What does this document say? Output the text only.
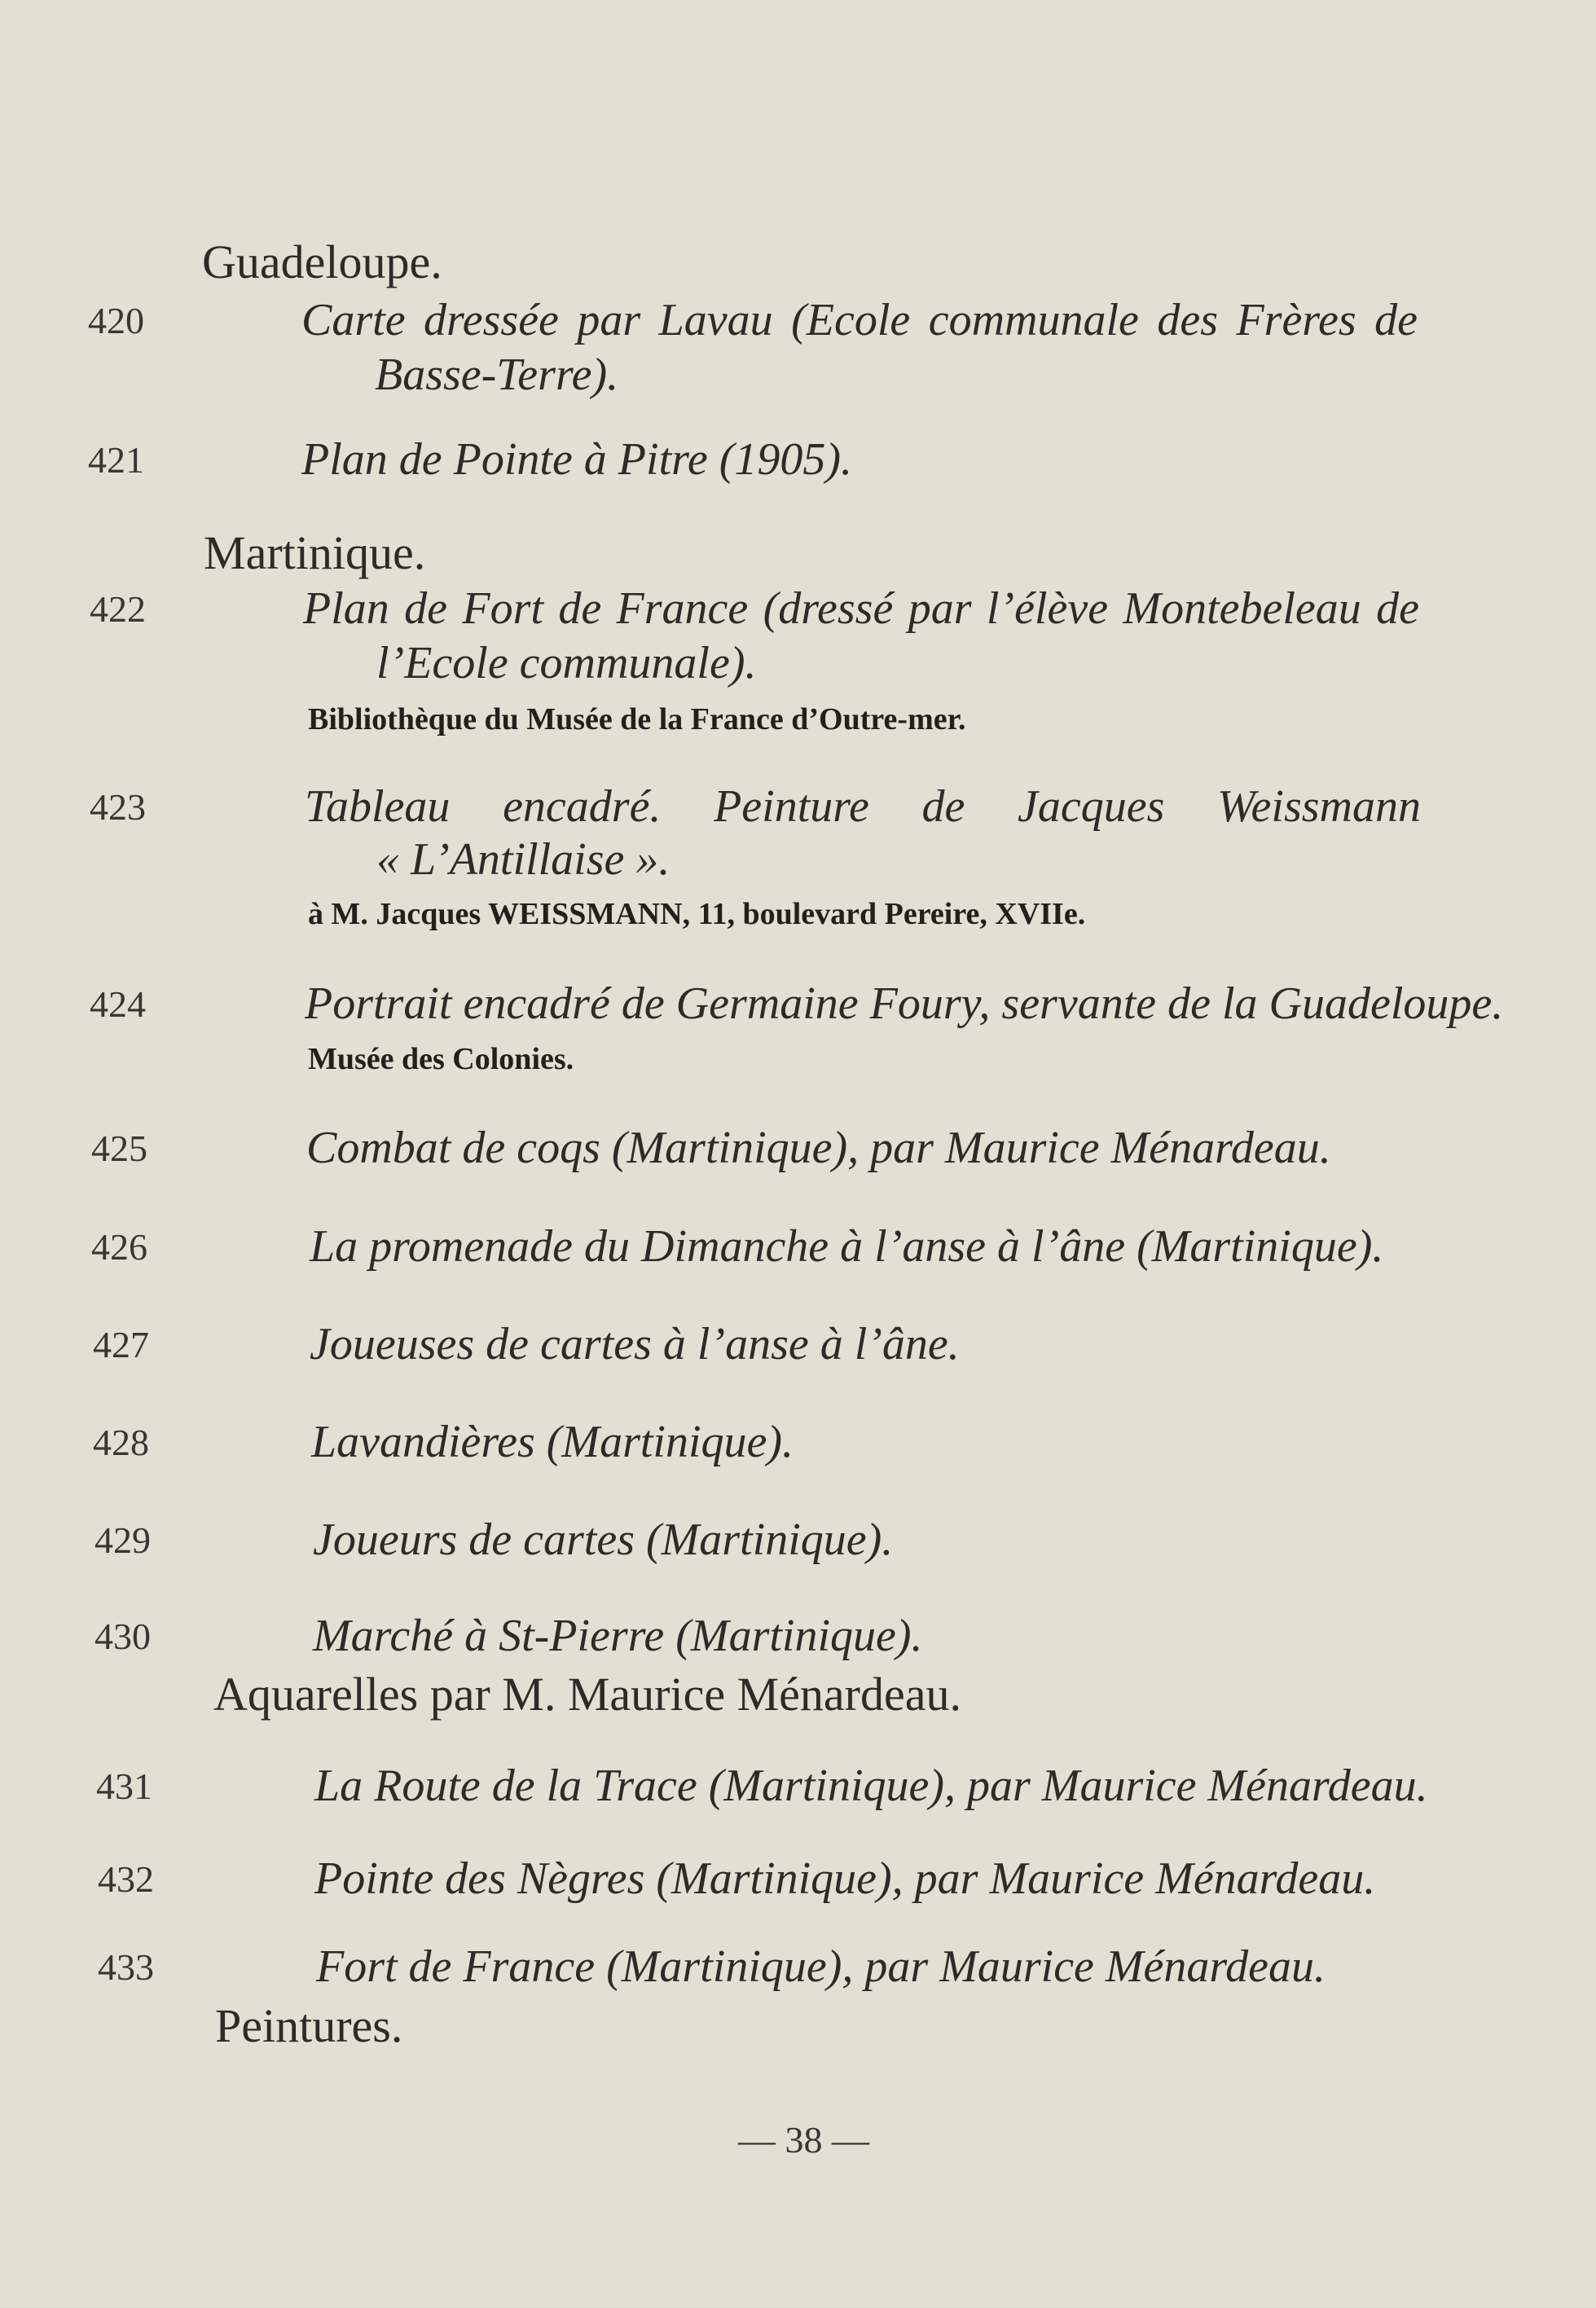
Guadeloupe.
420	Carte dressée par Lavau (Ecole communale des Frères de
Basse-Terre).
421	Plan de Pointe à Pitre (1905).
Martinique.
422	Plan de Fort de France (dressé par l’élève Montebeleau de
l’Ecole communale).
Bibliothèque du Musée de la France d’Outre-mer.
423	Tableau encadré. Peinture de Jacques Weissmann
« L’Antillaise ».
à M. Jacques WEISSMANN, 11, boulevard Pereire, XVIIe.
424	Portrait encadré de Germaine Foury, servante de la Guadeloupe.
Musée des Colonies.
425	Combat de coqs (Martinique), par Maurice Ménardeau.
426	La promenade du Dimanche à l’anse à l’âne (Martinique).
427	Joueuses de cartes à l’anse à l’âne.
428	Lavandières (Martinique).
429	Joueurs de cartes (Martinique).
430	Marché à St-Pierre (Martinique).
Aquarelles par M. Maurice Ménardeau.
431	La Route de la Trace (Martinique), par Maurice Ménardeau.
432	Pointe des Nègres (Martinique), par Maurice Ménardeau.
433	Fort de France (Martinique), par Maurice Ménardeau.
Peintures.
— 38 —
